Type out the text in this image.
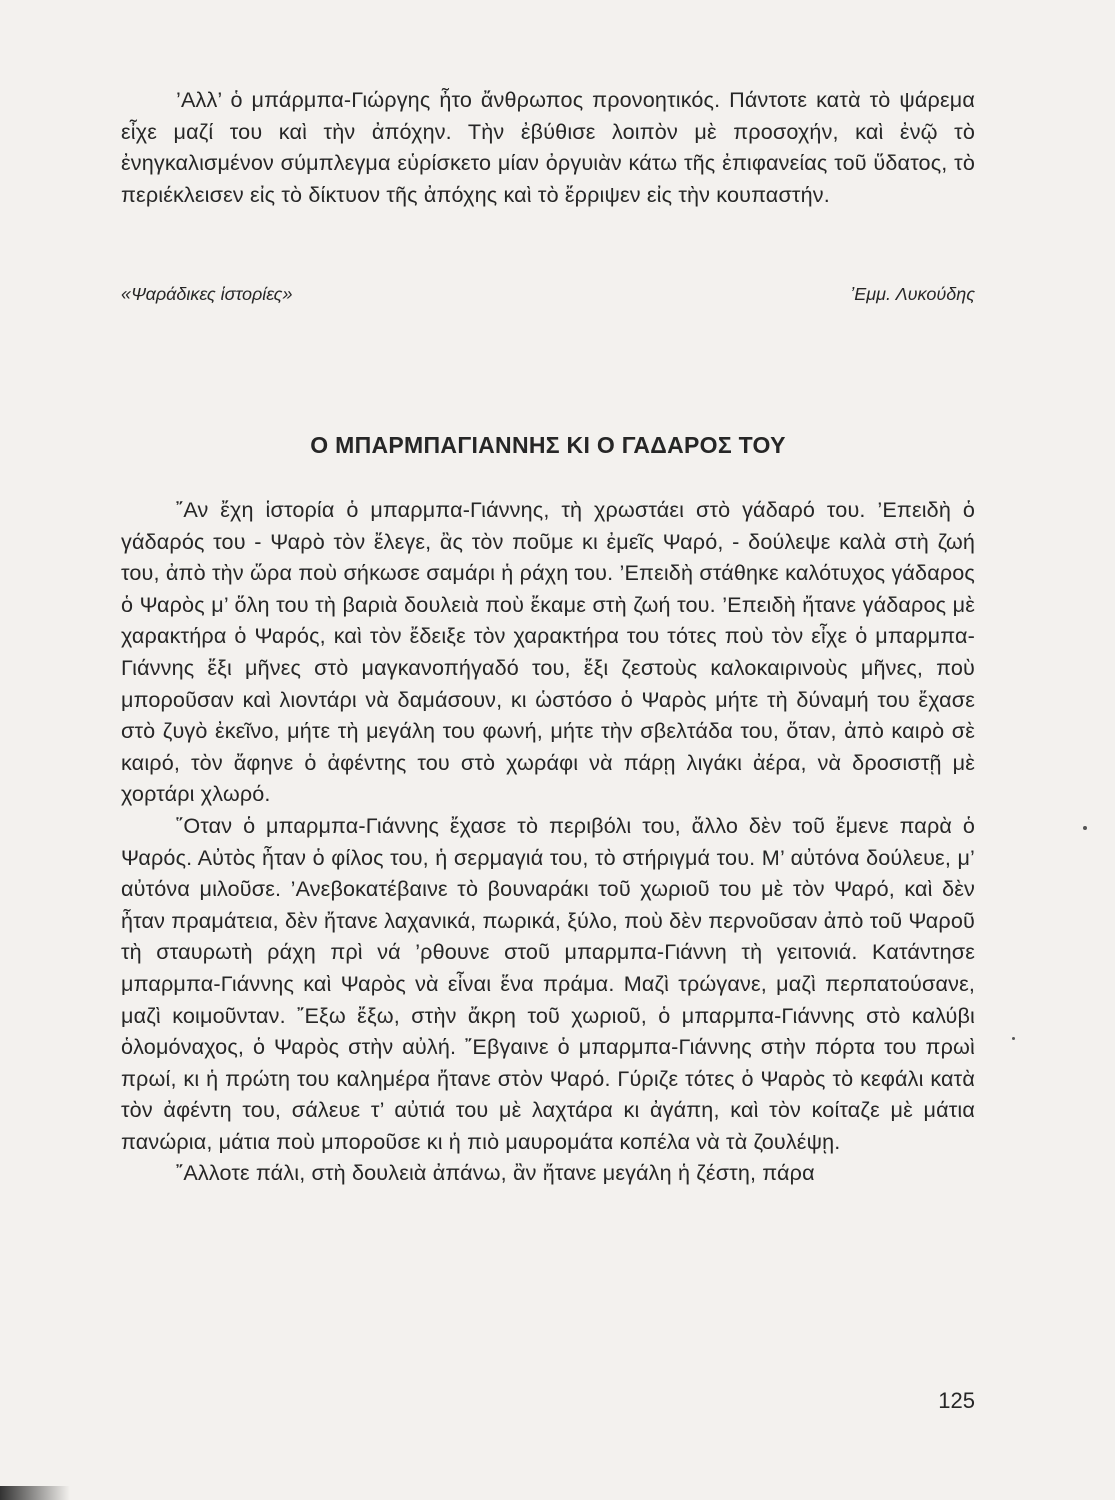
’Αλλ’ ὁ μπάρμπα-Γιώργης ἦτο ἄνθρωπος προνοητικός. Πάντοτε κατὰ τὸ ψάρεμα εἶχε μαζί του καὶ τὴν ἀπόχην. Τὴν ἐβύθισε λοιπὸν μὲ προσοχήν, καὶ ἐνῷ τὸ ἐνηγκαλισμένον σύμπλεγμα εὑρίσκετο μίαν ὀργυιὰν κάτω τῆς ἐπιφανείας τοῦ ὕδατος, τὸ περιέκλεισεν εἰς τὸ δίκτυον τῆς ἀπόχης καὶ τὸ ἔρριψεν εἰς τὴν κουπαστήν.

«Ψαράδικες ἱστορίες»	’Εμμ. Λυκούδης
Ο ΜΠΑΡΜΠΑΓΙΑΝΝΗΣ ΚΙ Ο ΓΑΔΑΡΟΣ ΤΟΥ

῎Αν ἔχη ἱστορία ὁ μπαρμπα-Γιάννης, τὴ χρωστάει στὸ γάδαρό του. ’Επειδὴ ὁ γάδαρός του - Ψαρὸ τὸν ἔλεγε, ἂς τὸν ποῦμε κι ἐμεῖς Ψαρό, - δούλεψε καλὰ στὴ ζωή του, ἀπὸ τὴν ὥρα ποὺ σήκωσε σαμάρι ἡ ράχη του. ’Επειδὴ στάθηκε καλότυχος γάδαρος ὁ Ψαρὸς μ’ ὅλη του τὴ βαριὰ δουλειὰ ποὺ ἔκαμε στὴ ζωή του. ’Επειδὴ ἤτανε γάδαρος μὲ χαρακτήρα ὁ Ψαρός, καὶ τὸν ἔδειξε τὸν χαρακτήρα του τότες ποὺ τὸν εἶχε ὁ μπαρμπα-Γιάννης ἔξι μῆνες στὸ μαγκανοπήγαδό του, ἔξι ζεστοὺς καλοκαιρινοὺς μῆνες, ποὺ μποροῦσαν καὶ λιοντάρι νὰ δαμάσουν, κι ὡστόσο ὁ Ψαρὸς μήτε τὴ δύναμή του ἔχασε στὸ ζυγὸ ἐκεῖνο, μήτε τὴ μεγάλη του φωνή, μήτε τὴν σβελτάδα του, ὅταν, ἀπὸ καιρὸ σὲ καιρό, τὸν ἄφηνε ὁ ἀφέντης του στὸ χωράφι νὰ πάρῃ λιγάκι ἀέρα, νὰ δροσιστῇ μὲ χορτάρι χλωρό.

῞Οταν ὁ μπαρμπα-Γιάννης ἔχασε τὸ περιβόλι του, ἄλλο δὲν τοῦ ἔμενε παρὰ ὁ Ψαρός. Αὐτὸς ἦταν ὁ φίλος του, ἡ σερμαγιά του, τὸ στήριγμά του. Μ’ αὐτόνα δούλευε, μ’ αὐτόνα μιλοῦσε. ’Ανεβοκατέβαινε τὸ βουναράκι τοῦ χωριοῦ του μὲ τὸν Ψαρό, καὶ δὲν ἦταν πραμάτεια, δὲν ἤτανε λαχανικά, πωρικά, ξύλο, ποὺ δὲν περνοῦσαν ἀπὸ τοῦ Ψαροῦ τὴ σταυρωτὴ ράχη πρὶ νά ’ρθουνε στοῦ μπαρμπα-Γιάννη τὴ γειτονιά. Κατάντησε μπαρμπα-Γιάννης καὶ Ψαρὸς νὰ εἶναι ἕνα πράμα. Μαζὶ τρώγανε, μαζὶ περπατούσανε, μαζὶ κοιμοῦνταν. ῎Εξω ἔξω, στὴν ἄκρη τοῦ χωριοῦ, ὁ μπαρμπα-Γιάννης στὸ καλύβι ὁλομόναχος, ὁ Ψαρὸς στὴν αὐλή. ῎Εβγαινε ὁ μπαρμπα-Γιάννης στὴν πόρτα του πρωὶ πρωί, κι ἡ πρώτη του καλημέρα ἤτανε στὸν Ψαρό. Γύριζε τότες ὁ Ψαρὸς τὸ κεφάλι κατὰ τὸν ἀφέντη του, σάλευε τ’ αὐτιά του μὲ λαχτάρα κι ἀγάπη, καὶ τὸν κοίταζε μὲ μάτια πανώρια, μάτια ποὺ μποροῦσε κι ἡ πιὸ μαυρομάτα κοπέλα νὰ τὰ ζουλέψῃ.

῎Αλλοτε πάλι, στὴ δουλειὰ ἀπάνω, ἂν ἤτανε μεγάλη ἡ ζέστη, πάρα

125
